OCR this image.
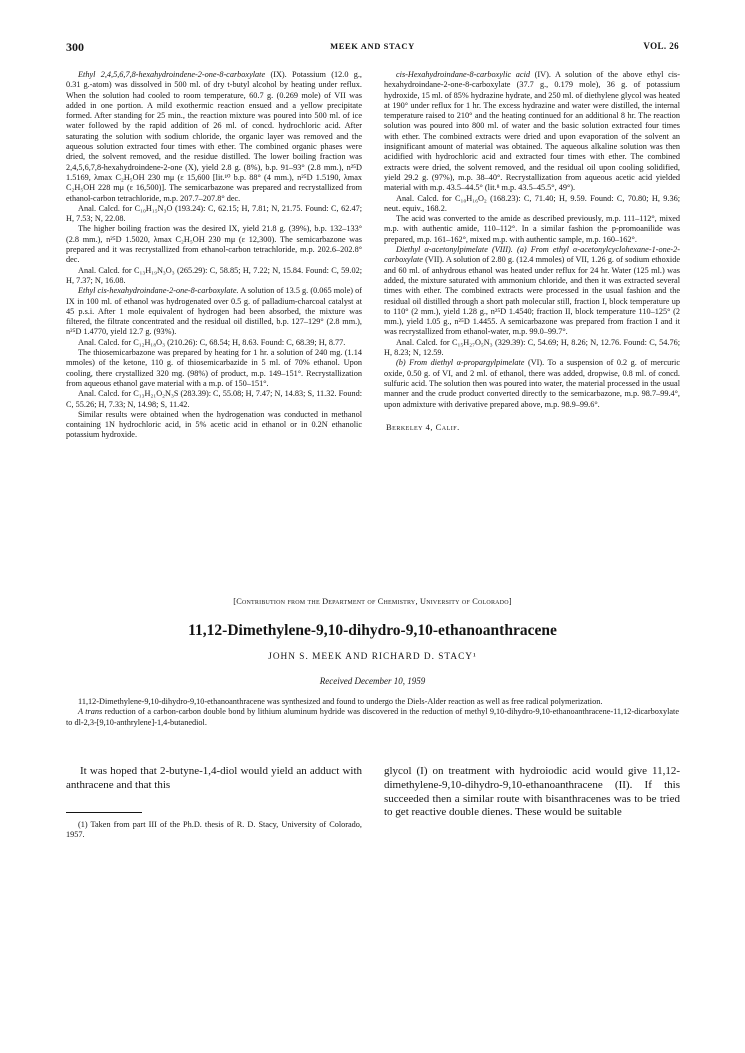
300	MEEK AND STACY	VOL. 26

Ethyl 2,4,5,6,7,8-hexahydroindene-2-one-8-carboxylate (IX). Potassium (12.0 g., 0.31 g.-atom) was dissolved in 500 ml. of dry t-butyl alcohol by heating under reflux. When the solution had cooled to room temperature, 60.7 g. (0.269 mole) of VII was added in one portion. A mild exothermic reaction ensued and a yellow precipitate formed. After standing for 25 min., the reaction mixture was poured into 500 ml. of ice water followed by the rapid addition of 26 ml. of concd. hydrochloric acid. After saturating the solution with sodium chloride, the organic layer was removed and the aqueous solution extracted four times with ether. The combined organic phases were dried, the solvent removed, and the residue distilled. The lower boiling fraction was 2,4,5,6,7,8-hexahydroindene-2-one (X), yield 2.8 g. (8%), b.p. 91–93° (2.8 mm.), n²⁵D 1.5169, λmax C₂H₅OH 230 mμ (ε 15,600 [lit.¹⁰ b.p. 88° (4 mm.), n²⁵D 1.5190, λmax C₂H₅OH 228 mμ (ε 16,500)]. The semicarbazone was prepared and recrystallized from ethanol-carbon tetrachloride, m.p. 207.7–207.8° dec.

Anal. Calcd. for C₁₀H₁₅N₃O (193.24): C, 62.15; H, 7.81; N, 21.75. Found: C, 62.47; H, 7.53; N, 22.08.

The higher boiling fraction was the desired IX, yield 21.8 g. (39%), b.p. 132–133° (2.8 mm.), n²⁵D 1.5020, λmax C₂H₅OH 230 mμ (ε 12,300). The semicarbazone was prepared and it was recrystallized from ethanol-carbon tetrachloride, m.p. 202.6–202.8° dec.

Anal. Calcd. for C₁₃H₁₉N₃O₃ (265.29): C, 58.85; H, 7.22; N, 15.84. Found: C, 59.02; H, 7.37; N, 16.08.

Ethyl cis-hexahydroindane-2-one-8-carboxylate. A solution of 13.5 g. (0.065 mole) of IX in 100 ml. of ethanol was hydrogenated over 0.5 g. of palladium-charcoal catalyst at 45 p.s.i. After 1 mole equivalent of hydrogen had been absorbed, the mixture was filtered, the filtrate concentrated and the residual oil distilled, b.p. 127–129° (2.8 mm.), n²⁵D 1.4770, yield 12.7 g. (93%).

Anal. Calcd. for C₁₂H₁₈O₃ (210.26): C, 68.54; H, 8.63. Found: C, 68.39; H, 8.77.

The thiosemicarbazone was prepared by heating for 1 hr. a solution of 240 mg. (1.14 mmoles) of the ketone, 110 g. of thiosemicarbazide in 5 ml. of 70% ethanol. Upon cooling, there crystallized 320 mg. (98%) of product, m.p. 149–151°. Recrystallization from aqueous ethanol gave material with a m.p. of 150–151°.

Anal. Calcd. for C₁₃H₂₁O₂N₃S (283.39): C, 55.08; H, 7.47; N, 14.83; S, 11.32. Found: C, 55.26; H, 7.33; N, 14.98; S, 11.42.

Similar results were obtained when the hydrogenation was conducted in methanol containing 1N hydrochloric acid, in 5% acetic acid in ethanol or in 0.2N ethanolic potassium hydroxide.

cis-Hexahydroindane-8-carboxylic acid (IV). A solution of the above ethyl cis-hexahydroindane-2-one-8-carboxylate (37.7 g., 0.179 mole), 36 g. of potassium hydroxide, 15 ml. of 85% hydrazine hydrate, and 250 ml. of diethylene glycol was heated at 190° under reflux for 1 hr. The excess hydrazine and water were distilled, the internal temperature raised to 210° and the heating continued for an additional 8 hr. The reaction solution was poured into 800 ml. of water and the basic solution extracted four times with ether. The combined extracts were dried and upon evaporation of the solvent an insignificant amount of material was obtained. The aqueous alkaline solution was then acidified with hydrochloric acid and extracted four times with ether. The combined extracts were dried, the solvent removed, and the residual oil upon cooling solidified, yield 29.2 g. (97%), m.p. 38–40°. Recrystallization from aqueous acetic acid yielded material with m.p. 43.5–44.5° (lit.⁸ m.p. 43.5–45.5°, 49°).

Anal. Calcd. for C₁₀H₁₆O₂ (168.23): C, 71.40; H, 9.59. Found: C, 70.80; H, 9.36; neut. equiv., 168.2.

The acid was converted to the amide as described previously, m.p. 111–112°, mixed m.p. with authentic amide, 110–112°. In a similar fashion the p-promoanilide was prepared, m.p. 161–162°, mixed m.p. with authentic sample, m.p. 160–162°.

Diethyl α-acetonylpimelate (VIII). (a) From ethyl α-acetonylcyclohexane-1-one-2-carboxylate (VII). A solution of 2.80 g. (12.4 mmoles) of VII, 1.26 g. of sodium ethoxide and 60 ml. of anhydrous ethanol was heated under reflux for 24 hr. Water (125 ml.) was added, the mixture saturated with ammonium chloride, and then it was extracted several times with ether. The combined extracts were processed in the usual fashion and the residual oil distilled through a short path molecular still, fraction I, block temperature up to 110° (2 mm.), yield 1.28 g., n²⁵D 1.4540; fraction II, block temperature 110–125° (2 mm.), yield 1.05 g., n²⁵D 1.4455. A semicarbazone was prepared from fraction I and it was recrystallized from ethanol-water, m.p. 99.0–99.7°.

Anal. Calcd. for C₁₅H₂₇O₅N₃ (329.39): C, 54.69; H, 8.26; N, 12.76. Found: C, 54.76; H, 8.23; N, 12.59.

(b) From diethyl α-propargylpimelate (VI). To a suspension of 0.2 g. of mercuric oxide, 0.50 g. of VI, and 2 ml. of ethanol, there was added, dropwise, 0.8 ml. of concd. sulfuric acid. The solution then was poured into water, the material processed in the usual manner and the crude product converted directly to the semicarbazone, m.p. 98.7–99.4°, upon admixture with derivative prepared above, m.p. 98.9–99.6°.

Berkeley 4, Calif.

[Contribution from the Department of Chemistry, University of Colorado]
11,12-Dimethylene-9,10-dihydro-9,10-ethanoanthracene
JOHN S. MEEK AND RICHARD D. STACY¹
Received December 10, 1959

11,12-Dimethylene-9,10-dihydro-9,10-ethanoanthracene was synthesized and found to undergo the Diels-Alder reaction as well as free radical polymerization.

A trans reduction of a carbon-carbon double bond by lithium aluminum hydride was discovered in the reduction of methyl 9,10-dihydro-9,10-ethanoanthracene-11,12-dicarboxylate to dl-2,3-[9,10-anthrylene]-1,4-butanediol.

It was hoped that 2-butyne-1,4-diol would yield an adduct with anthracene and that this

glycol (I) on treatment with hydroiodic acid would give 11,12-dimethylene-9,10-dihydro-9,10-ethanoanthracene (II). If this succeeded then a similar route with bisanthracenes was to be tried to get reactive double dienes. These would be suitable

(1) Taken from part III of the Ph.D. thesis of R. D. Stacy, University of Colorado, 1957.
